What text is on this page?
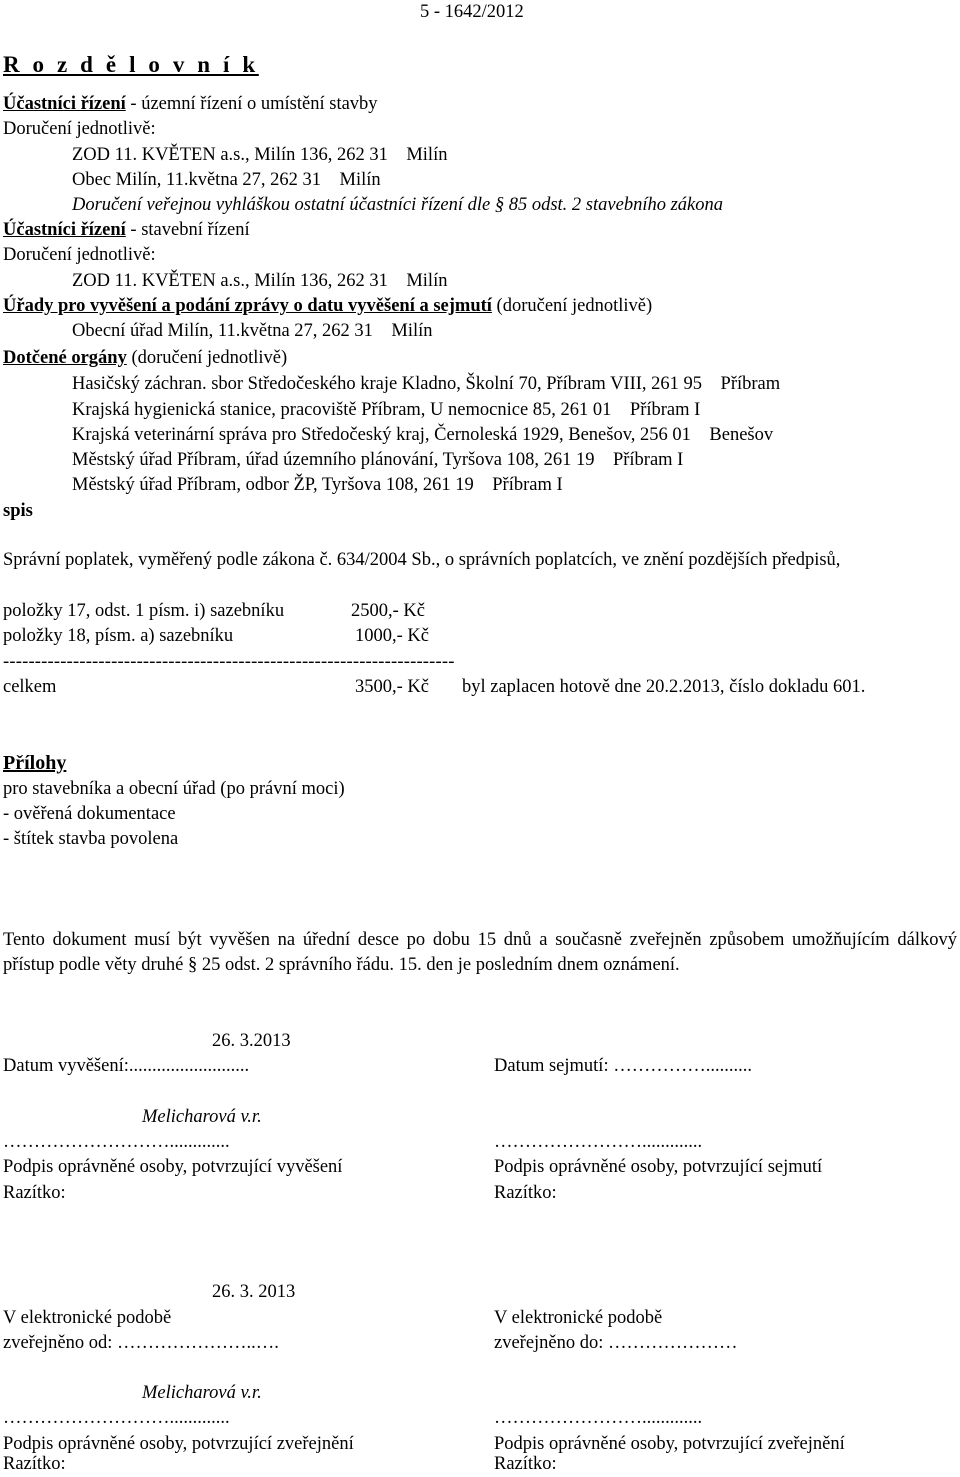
5 - 1642/2012
R o z d ě l o v n í k
Účastníci řízení - územní řízení o umístění stavby
Doručení jednotlivě:
ZOD 11. KVĚTEN a.s., Milín 136, 262 31    Milín
Obec Milín, 11.května 27, 262 31    Milín
Doručení veřejnou vyhláškou ostatní účastníci řízení dle § 85 odst. 2 stavebního zákona
Účastníci řízení - stavební řízení
Doručení jednotlivě:
ZOD 11. KVĚTEN a.s., Milín 136, 262 31    Milín
Úřady pro vyvěšení a podání zprávy o datu vyvěšení a sejmutí (doručení jednotlivě)
Obecní úřad Milín, 11.května 27, 262 31    Milín
Dotčené orgány (doručení jednotlivě)
Hasičský záchran. sbor Středočeského kraje Kladno, Školní 70, Příbram VIII, 261 95    Příbram
Krajská hygienická stanice, pracoviště Příbram, U nemocnice 85, 261 01    Příbram I
Krajská veterinární správa pro Středočeský kraj, Černoleská 1929, Benešov, 256 01    Benešov
Městský úřad Příbram, úřad územního plánování, Tyršova 108, 261 19    Příbram I
Městský úřad Příbram, odbor ŽP, Tyršova 108, 261 19    Příbram I
spis
Správní poplatek, vyměřený podle zákona č. 634/2004 Sb., o správních poplatcích, ve znění pozdějších předpisů,
položky 17, odst. 1 písm. i) sazebníku	2500,- Kč
položky 18, písm. a) sazebníku	1000,- Kč
-----------------------------------------------------------------------
celkem	3500,- Kč byl zaplacen hotově dne 20.2.2013, číslo dokladu 601.
Přílohy
pro stavebníka a obecní úřad (po právní moci)
- ověřená dokumentace
- štítek stavba povolena
Tento dokument musí být vyvěšen na úřední desce po dobu 15 dnů a současně zveřejněn způsobem umožňujícím dálkový přístup podle věty druhé § 25 odst. 2 správního řádu. 15. den je posledním dnem oznámení.
26. 3.2013
Datum vyvěšení:..........................	Datum sejmutí: ……………..........
Melicharová v.r.
……………………….............	…………………….............
Podpis oprávněné osoby, potvrzující vyvěšení	Podpis oprávněné osoby, potvrzující sejmutí
Razítko:	Razítko:
26. 3. 2013
V elektronické podobě	V elektronické podobě
zveřejněno od: …………………..….	zveřejněno do: …………………
Melicharová v.r.
……………………….............	…………………….............
Podpis oprávněné osoby, potvrzující zveřejnění	Podpis oprávněné osoby, potvrzující zveřejnění
Razítko:	Razítko:
